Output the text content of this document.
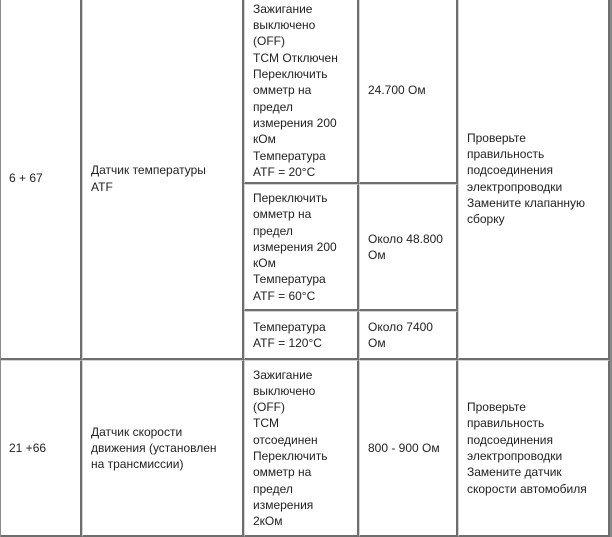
6 + 67
Датчик температуры
ATF
Зажигание
выключено
(OFF)
TCM Отключен
Переключить
омметр на
предел
измерения 200
кОм
Температура
ATF = 20°C
24.700 Ом
Переключить
омметр на
предел
измерения 200
кОм
Температура
ATF = 60°C
Около 48.800
Ом
Температура
ATF = 120°C
Около 7400
Ом
Проверьте
правильность
подсоединения
электропроводки
Замените клапанную
сборку
21 +66
Датчик скорости
движения (установлен
на трансмиссии)
Зажигание
выключено
(OFF)
TCM
отсоединен
Переключить
омметр на
предел
измерения
2кОм
800 - 900 Ом
Проверьте
правильность
подсоединения
электропроводки
Замените датчик
скорости автомобиля
